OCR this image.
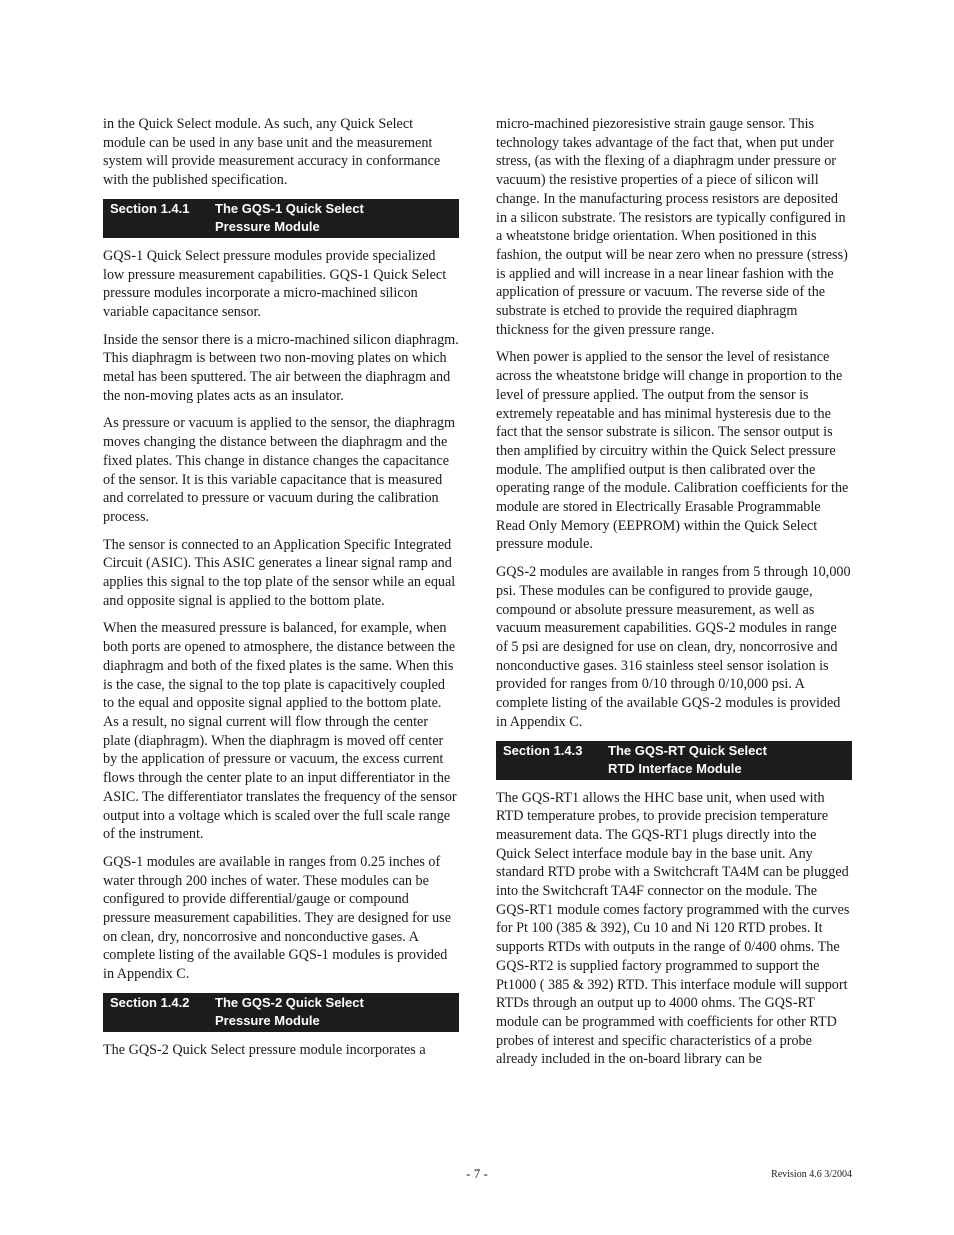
in the Quick Select module. As such, any Quick Select module can be used in any base unit and the measurement system will provide measurement accuracy in conformance with the published specification.

Section 1.4.1	The GQS-1 Quick Select
Pressure Module

GQS-1 Quick Select pressure modules provide specialized low pressure measurement capabilities. GQS-1 Quick Select pressure modules incorporate a micro-machined silicon variable capacitance sensor.

Inside the sensor there is a micro-machined silicon diaphragm. This diaphragm is between two non-moving plates on which metal has been sputtered. The air between the diaphragm and the non-moving plates acts as an insulator.

As pressure or vacuum is applied to the sensor, the diaphragm moves changing the distance between the diaphragm and the fixed plates. This change in distance changes the capacitance of the sensor. It is this variable capacitance that is measured and correlated to pressure or vacuum during the calibration process.

The sensor is connected to an Application Specific Integrated Circuit (ASIC). This ASIC generates a linear signal ramp and applies this signal to the top plate of the sensor while an equal and opposite signal is applied to the bottom plate.

When the measured pressure is balanced, for example, when both ports are opened to atmosphere, the distance between the diaphragm and both of the fixed plates is the same. When this is the case, the signal to the top plate is capacitively coupled to the equal and opposite signal applied to the bottom plate. As a result, no signal current will flow through the center plate (diaphragm). When the diaphragm is moved off center by the application of pressure or vacuum, the excess current flows through the center plate to an input differentiator in the ASIC. The differentiator translates the frequency of the sensor output into a voltage which is scaled over the full scale range of the instrument.

GQS-1 modules are available in ranges from 0.25 inches of water through 200 inches of water. These modules can be configured to provide differential/gauge or compound pressure measurement capabilities. They are designed for use on clean, dry, noncorrosive and nonconductive gases. A complete listing of the available GQS-1 modules is provided in Appendix C.

Section 1.4.2	The GQS-2 Quick Select
Pressure Module

The GQS-2 Quick Select pressure module incorporates a

micro-machined piezoresistive strain gauge sensor. This technology takes advantage of the fact that, when put under stress, (as with the flexing of a diaphragm under pressure or vacuum) the resistive properties of a piece of silicon will change. In the manufacturing process resistors are deposited in a silicon substrate. The resistors are typically configured in a wheatstone bridge orientation. When positioned in this fashion, the output will be near zero when no pressure (stress) is applied and will increase in a near linear fashion with the application of pressure or vacuum. The reverse side of the substrate is etched to provide the required diaphragm thickness for the given pressure range.

When power is applied to the sensor the level of resistance across the wheatstone bridge will change in proportion to the level of pressure applied. The output from the sensor is extremely repeatable and has minimal hysteresis due to the fact that the sensor substrate is silicon. The sensor output is then amplified by circuitry within the Quick Select pressure module. The amplified output is then calibrated over the operating range of the module. Calibration coefficients for the module are stored in Electrically Erasable Programmable Read Only Memory (EEPROM) within the Quick Select pressure module.

GQS-2 modules are available in ranges from 5 through 10,000 psi. These modules can be configured to provide gauge, compound or absolute pressure measurement, as well as vacuum measurement capabilities. GQS-2 modules in range of 5 psi are designed for use on clean, dry, noncorrosive and nonconductive gases. 316 stainless steel sensor isolation is provided for ranges from 0/10 through 0/10,000 psi. A complete listing of the available GQS-2 modules is provided in Appendix C.

Section 1.4.3	The GQS-RT Quick Select
RTD Interface Module

The GQS-RT1 allows the HHC base unit, when used with RTD temperature probes, to provide precision temperature measurement data. The GQS-RT1 plugs directly into the Quick Select interface module bay in the base unit. Any standard RTD probe with a Switchcraft TA4M can be plugged into the Switchcraft TA4F connector on the module. The GQS-RT1 module comes factory programmed with the curves for Pt 100 (385 & 392), Cu 10 and Ni 120 RTD probes. It supports RTDs with outputs in the range of 0/400 ohms. The GQS-RT2 is supplied factory programmed to support the Pt1000 ( 385 & 392) RTD. This interface module will support RTDs through an output up to 4000 ohms. The GQS-RT module can be programmed with coefficients for other RTD probes of interest and specific characteristics of a probe already included in the on-board library can be

- 7 -	Revision 4.6 3/2004
